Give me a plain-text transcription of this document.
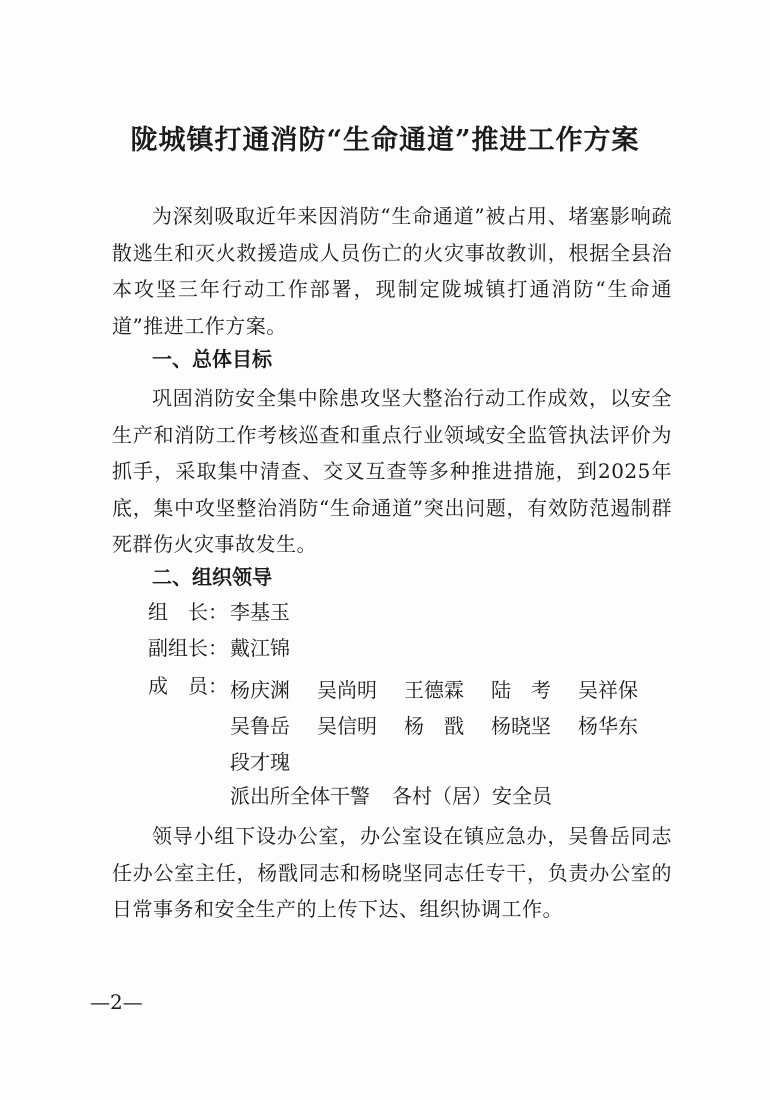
陇城镇打通消防“生命通道”推进工作方案
为深刻吸取近年来因消防“生命通道”被占用、堵塞影响疏散逃生和灭火救援造成人员伤亡的火灾事故教训，根据全县治本攻坚三年行动工作部署，现制定陇城镇打通消防“生命通道”推进工作方案。
一、总体目标
巩固消防安全集中除患攻坚大整治行动工作成效，以安全生产和消防工作考核巡查和重点行业领域安全监管执法评价为抓手，采取集中清查、交叉互查等多种推进措施，到2025年底，集中攻坚整治消防“生命通道”突出问题，有效防范遏制群死群伤火灾事故发生。
二、组织领导
组　长： 李基玉
副组长： 戴江锦
成　员： 杨庆渊	吴尚明	王德霖	陆　考	吴祥保
吴鲁岳	吴信明	杨　戬	杨晓坚	杨华东
段才瑰
派出所全体干警 各村（居）安全员
领导小组下设办公室，办公室设在镇应急办，吴鲁岳同志任办公室主任，杨戬同志和杨晓坚同志任专干，负责办公室的日常事务和安全生产的上传下达、组织协调工作。
—2—
